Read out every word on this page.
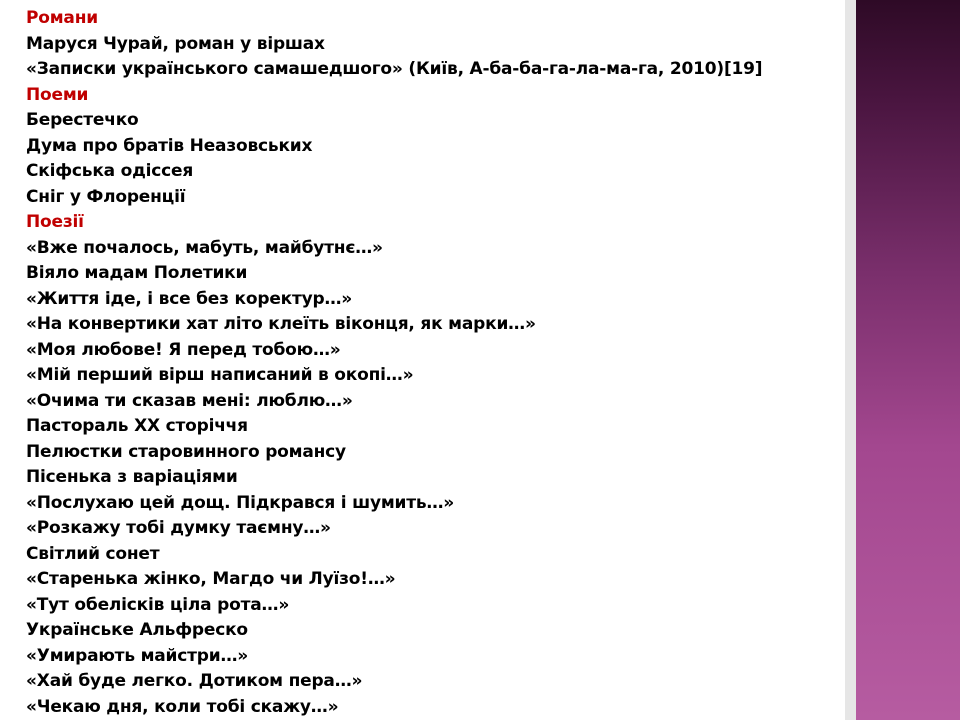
Романи
Маруся Чурай, роман у віршах
«Записки українського самашедшого» (Київ, А-ба-ба-га-ла-ма-га, 2010)[19]
Поеми
Берестечко
Дума про братів Неазовських
Скіфська одіссея
Сніг у Флоренції
Поезії
«Вже почалось, мабуть, майбутнє…»
Віяло мадам Полетики
«Життя іде, і все без коректур…»
«На конвертики хат літо клеїть віконця, як марки…»
«Моя любове! Я перед тобою…»
«Мій перший вірш написаний в окопі…»
«Очима ти сказав мені: люблю…»
Пастораль XX сторіччя
Пелюстки старовинного романсу
Пісенька з варіаціями
«Послухаю цей дощ. Підкрався і шумить…»
«Розкажу тобі думку таємну…»
Світлий сонет
«Старенька жінко, Магдо чи Луїзо!…»
«Тут обелісків ціла рота…»
Українське Альфреско
«Умирають майстри…»
«Хай буде легко. Дотиком пера…»
«Чекаю дня, коли тобі скажу…»
